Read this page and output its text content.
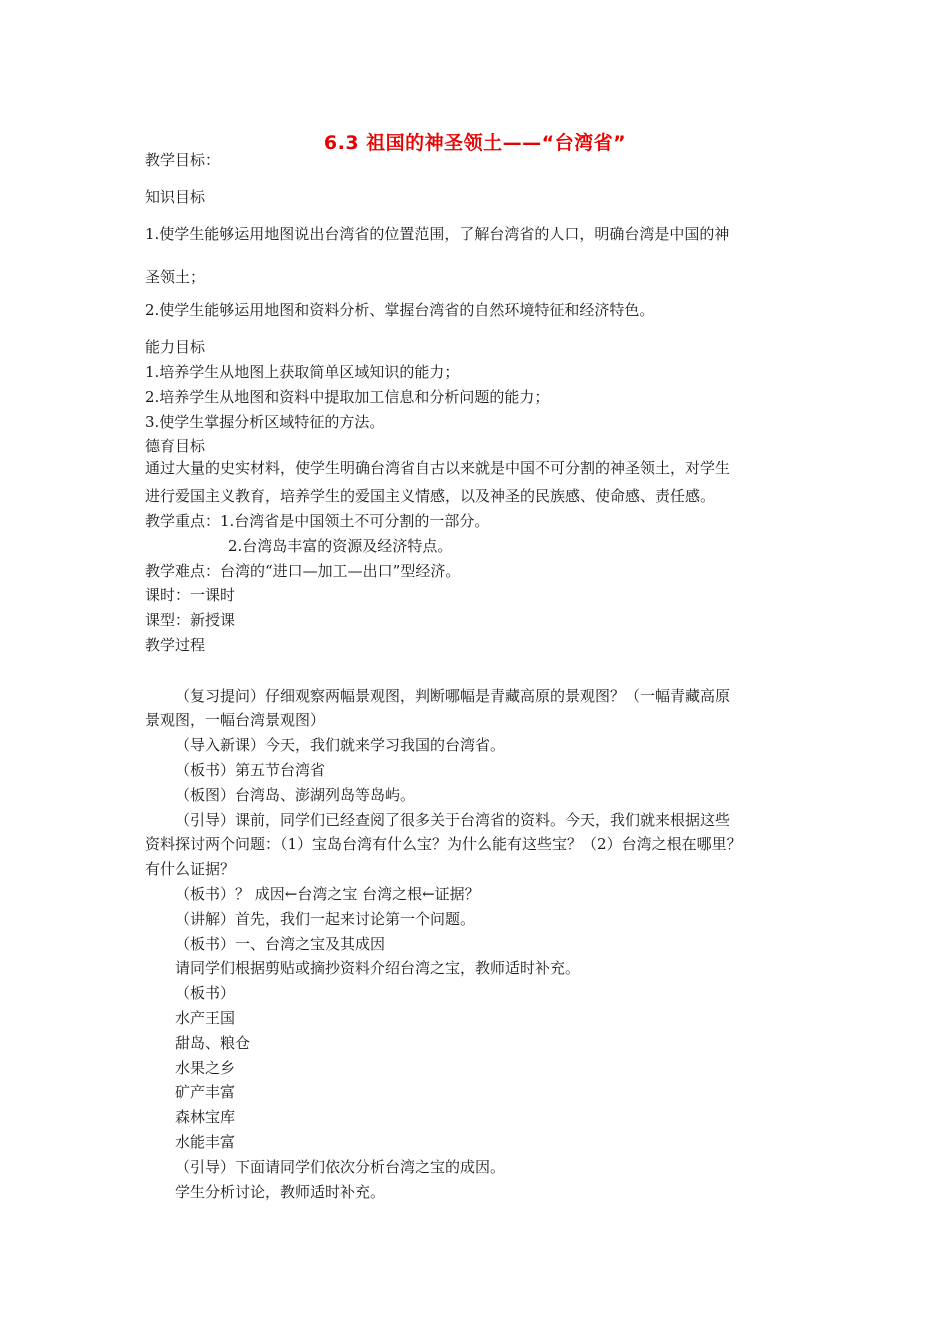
6.3 祖国的神圣领土——“台湾省”
教学目标：
知识目标
1.使学生能够运用地图说出台湾省的位置范围，了解台湾省的人口，明确台湾是中国的神
圣领土；
2.使学生能够运用地图和资料分析、掌握台湾省的自然环境特征和经济特色。
能力目标
1.培养学生从地图上获取简单区域知识的能力；
2.培养学生从地图和资料中提取加工信息和分析问题的能力；
3.使学生掌握分析区域特征的方法。
德育目标
通过大量的史实材料，使学生明确台湾省自古以来就是中国不可分割的神圣领土，对学生
进行爱国主义教育，培养学生的爱国主义情感，以及神圣的民族感、使命感、责任感。
教学重点：1.台湾省是中国领土不可分割的一部分。
2.台湾岛丰富的资源及经济特点。
教学难点：台湾的“进口—加工—出口”型经济。
课时：一课时
课型：新授课
教学过程
（复习提问）仔细观察两幅景观图，判断哪幅是青藏高原的景观图？（一幅青藏高原
景观图，一幅台湾景观图）
（导入新课）今天，我们就来学习我国的台湾省。
（板书）第五节台湾省
（板图）台湾岛、澎湖列岛等岛屿。
（引导）课前，同学们已经查阅了很多关于台湾省的资料。今天，我们就来根据这些
资料探讨两个问题：（1）宝岛台湾有什么宝？为什么能有这些宝？（2）台湾之根在哪里？
有什么证据？
（板书）？ 成因←台湾之宝 台湾之根←证据？
（讲解）首先，我们一起来讨论第一个问题。
（板书）一、台湾之宝及其成因
请同学们根据剪贴或摘抄资料介绍台湾之宝，教师适时补充。
（板书）
水产王国
甜岛、粮仓
水果之乡
矿产丰富
森林宝库
水能丰富
（引导）下面请同学们依次分析台湾之宝的成因。
学生分析讨论，教师适时补充。
